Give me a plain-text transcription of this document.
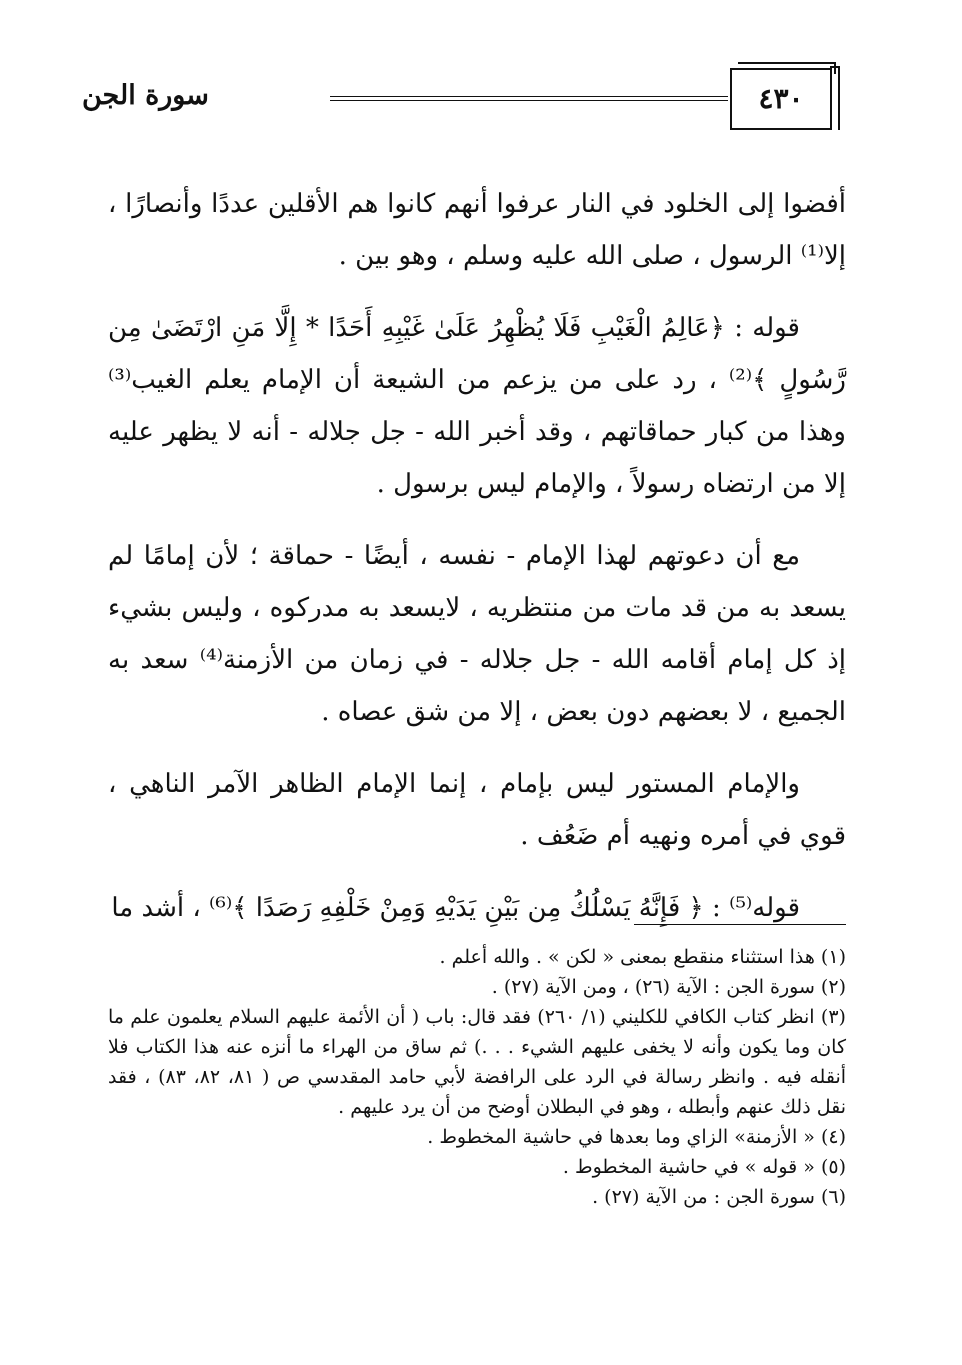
٤٣٠
سورة الجن

أفضوا إلى الخلود في النار عرفوا أنهم كانوا هم الأقلين عددًا وأنصارًا ، إلا⁽¹⁾ الرسول ، صلى الله عليه وسلم ، وهو بين .

قوله : ﴿عَالِمُ الْغَيْبِ فَلَا يُظْهِرُ عَلَىٰ غَيْبِهِ أَحَدًا * إِلَّا مَنِ ارْتَضَىٰ مِن رَّسُولٍ ﴾⁽²⁾ ، رد على من يزعم من الشيعة أن الإمام يعلم الغيب⁽³⁾ وهذا من كبار حماقاتهم ، وقد أخبر الله - جل جلاله - أنه لا يظهر عليه إلا من ارتضاه رسولاً ، والإمام ليس برسول .

مع أن دعوتهم لهذا الإمام - نفسه ، أيضًا - حماقة ؛ لأن إمامًا لم يسعد به من قد مات من منتظريه ، لايسعد به مدركوه ، وليس بشيء إذ كل إمام أقامه الله - جل جلاله - في زمان من الأزمنة⁽⁴⁾ سعد به الجميع ، لا بعضهم دون بعض ، إلا من شق عصاه .

والإمام المستور ليس بإمام ، إنما الإمام الظاهر الآمر الناهي ، قوي في أمره ونهيه أم ضَعُف .

قوله⁽⁵⁾ : ﴿ فَإِنَّهُ يَسْلُكُ مِن بَيْنِ يَدَيْهِ وَمِنْ خَلْفِهِ رَصَدًا ﴾⁽⁶⁾ ، أشد ما

(١) هذا استثناء منقطع بمعنى « لكن » . والله أعلم .

(٢) سورة الجن : الآية (٢٦) ، ومن الآية (٢٧) .

(٣) انظر كتاب الكافي للكليني (١/ ٢٦٠) فقد قال: باب ( أن الأئمة عليهم السلام يعلمون علم ما كان وما يكون وأنه لا يخفى عليهم الشيء . . .) ثم ساق من الهراء ما أنزه عنه هذا الكتاب فلا أنقله فيه . وانظر رسالة في الرد على الرافضة لأبي حامد المقدسي ص ( ٨١، ٨٢، ٨٣) ، فقد نقل ذلك عنهم وأبطله ، وهو في البطلان أوضح من أن يرد عليهم .

(٤) « الأزمنة» الزاي وما بعدها في حاشية المخطوط .

(٥) « قوله » في حاشية المخطوط .

(٦) سورة الجن : من الآية (٢٧) .
